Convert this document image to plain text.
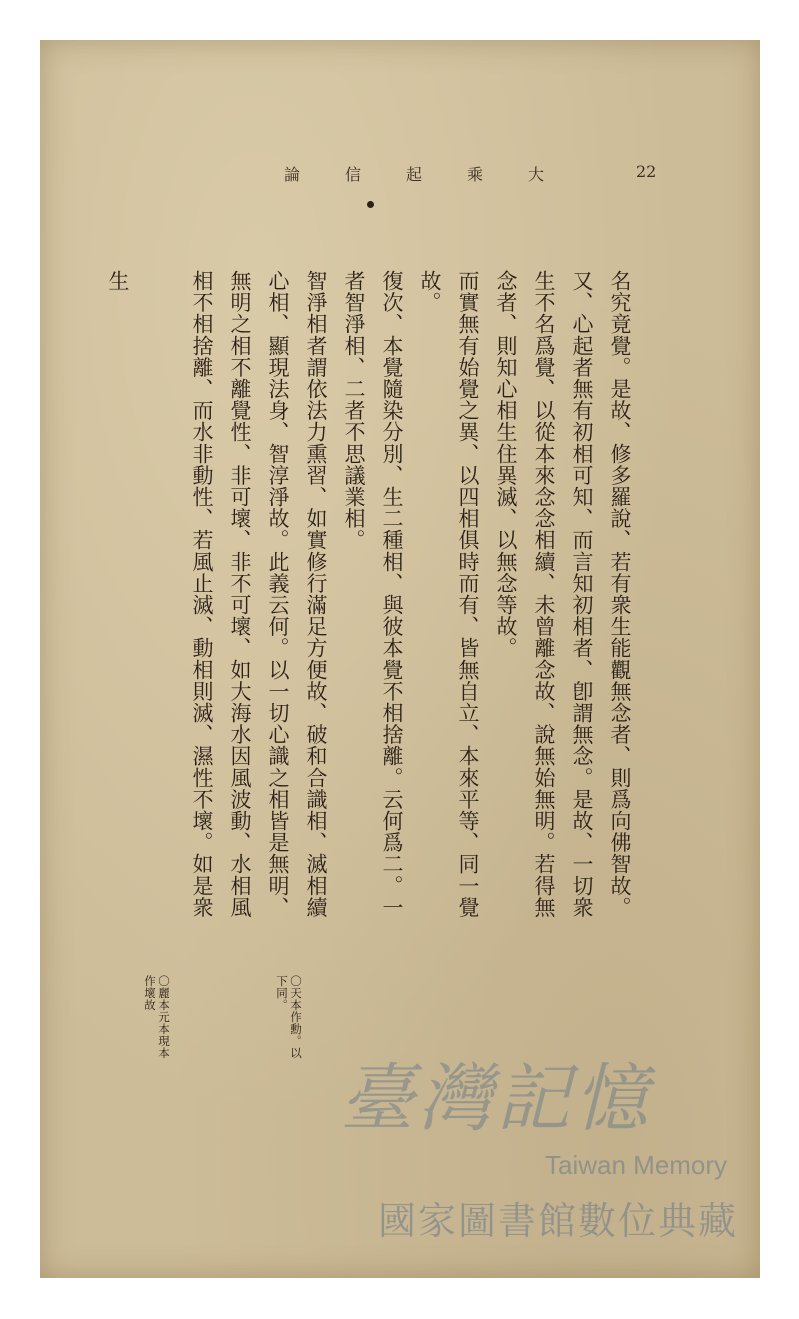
論	信	起	乘	大	22
名究竟覺。是故、修多羅說、若有衆生能觀無念者、則爲向佛智故。
又、心起者無有初相可知、而言知初相者、卽謂無念。是故、一切衆
生不名爲覺、以從本來念念相續、未曾離念故、說無始無明。若得無
念者、則知心相生住異滅、以無念等故。
而實無有始覺之異、以四相俱時而有、皆無自立、本來平等、同一覺
故。
復次、本覺隨染分別、生二種相、與彼本覺不相捨離。云何爲二。一
者智淨相、二者不思議業相。
智淨相者謂依法力熏習、如實修行滿足方便故、破和合識相、滅相續
心相、顯現法身、智淳淨故。此義云何。以一切心識之相皆是無明、
無明之相不離覺性、非可壞、非不可壞、如大海水因風波動、水相風
相不相捨離、而水非動性、若風止滅、動相則滅、濕性不壞。如是衆
生
〇天本作勳。以
下同。
〇麗本元本現本
作壞故
臺灣記憶
Taiwan Memory
國家圖書館數位典藏
